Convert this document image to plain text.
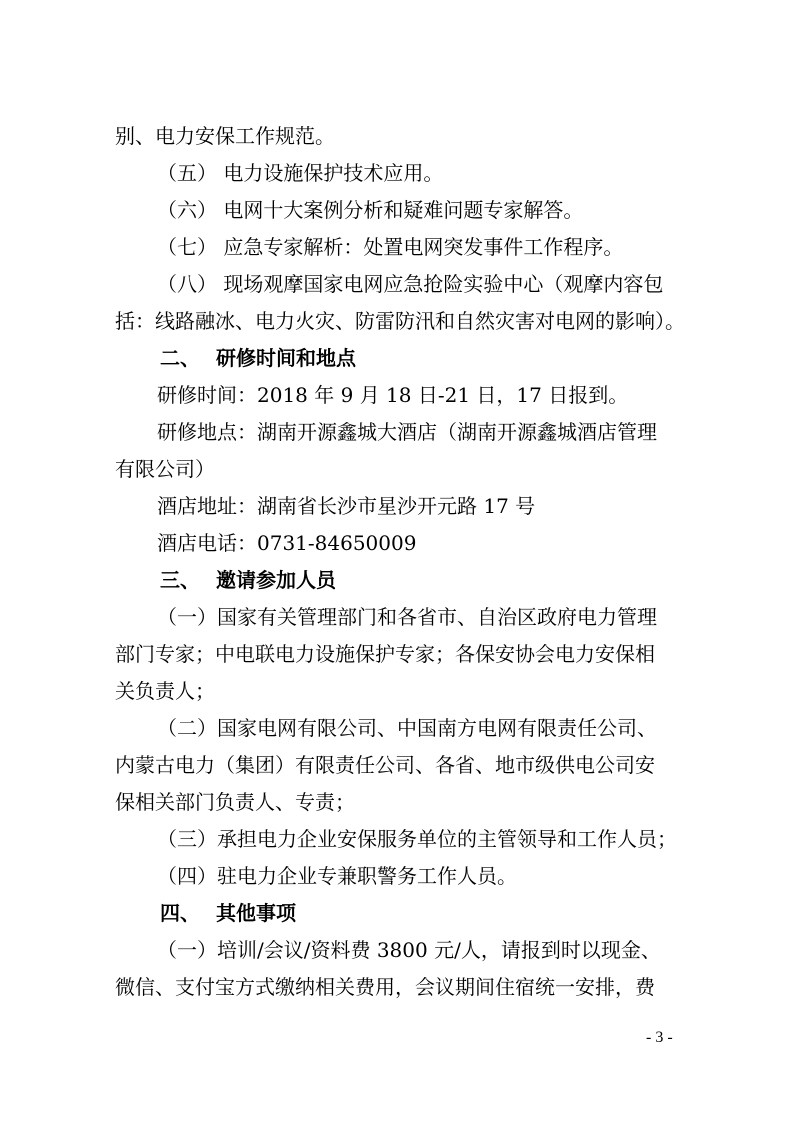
别、电力安保工作规范。
（五） 电力设施保护技术应用。
（六） 电网十大案例分析和疑难问题专家解答。
（七） 应急专家解析：处置电网突发事件工作程序。
（八） 现场观摩国家电网应急抢险实验中心（观摩内容包
括：线路融冰、电力火灾、防雷防汛和自然灾害对电网的影响）。
二、 研修时间和地点
研修时间：2018 年 9 月 18 日-21 日，17 日报到。
研修地点：湖南开源鑫城大酒店（湖南开源鑫城酒店管理
有限公司）
酒店地址：湖南省长沙市星沙开元路 17 号
酒店电话：0731-84650009
三、 邀请参加人员
（一）国家有关管理部门和各省市、自治区政府电力管理
部门专家；中电联电力设施保护专家；各保安协会电力安保相
关负责人；
（二）国家电网有限公司、中国南方电网有限责任公司、
内蒙古电力（集团）有限责任公司、各省、地市级供电公司安
保相关部门负责人、专责；
（三）承担电力企业安保服务单位的主管领导和工作人员；
（四）驻电力企业专兼职警务工作人员。
四、 其他事项
（一）培训/会议/资料费 3800 元/人，请报到时以现金、
微信、支付宝方式缴纳相关费用，会议期间住宿统一安排，费
- 3 -
